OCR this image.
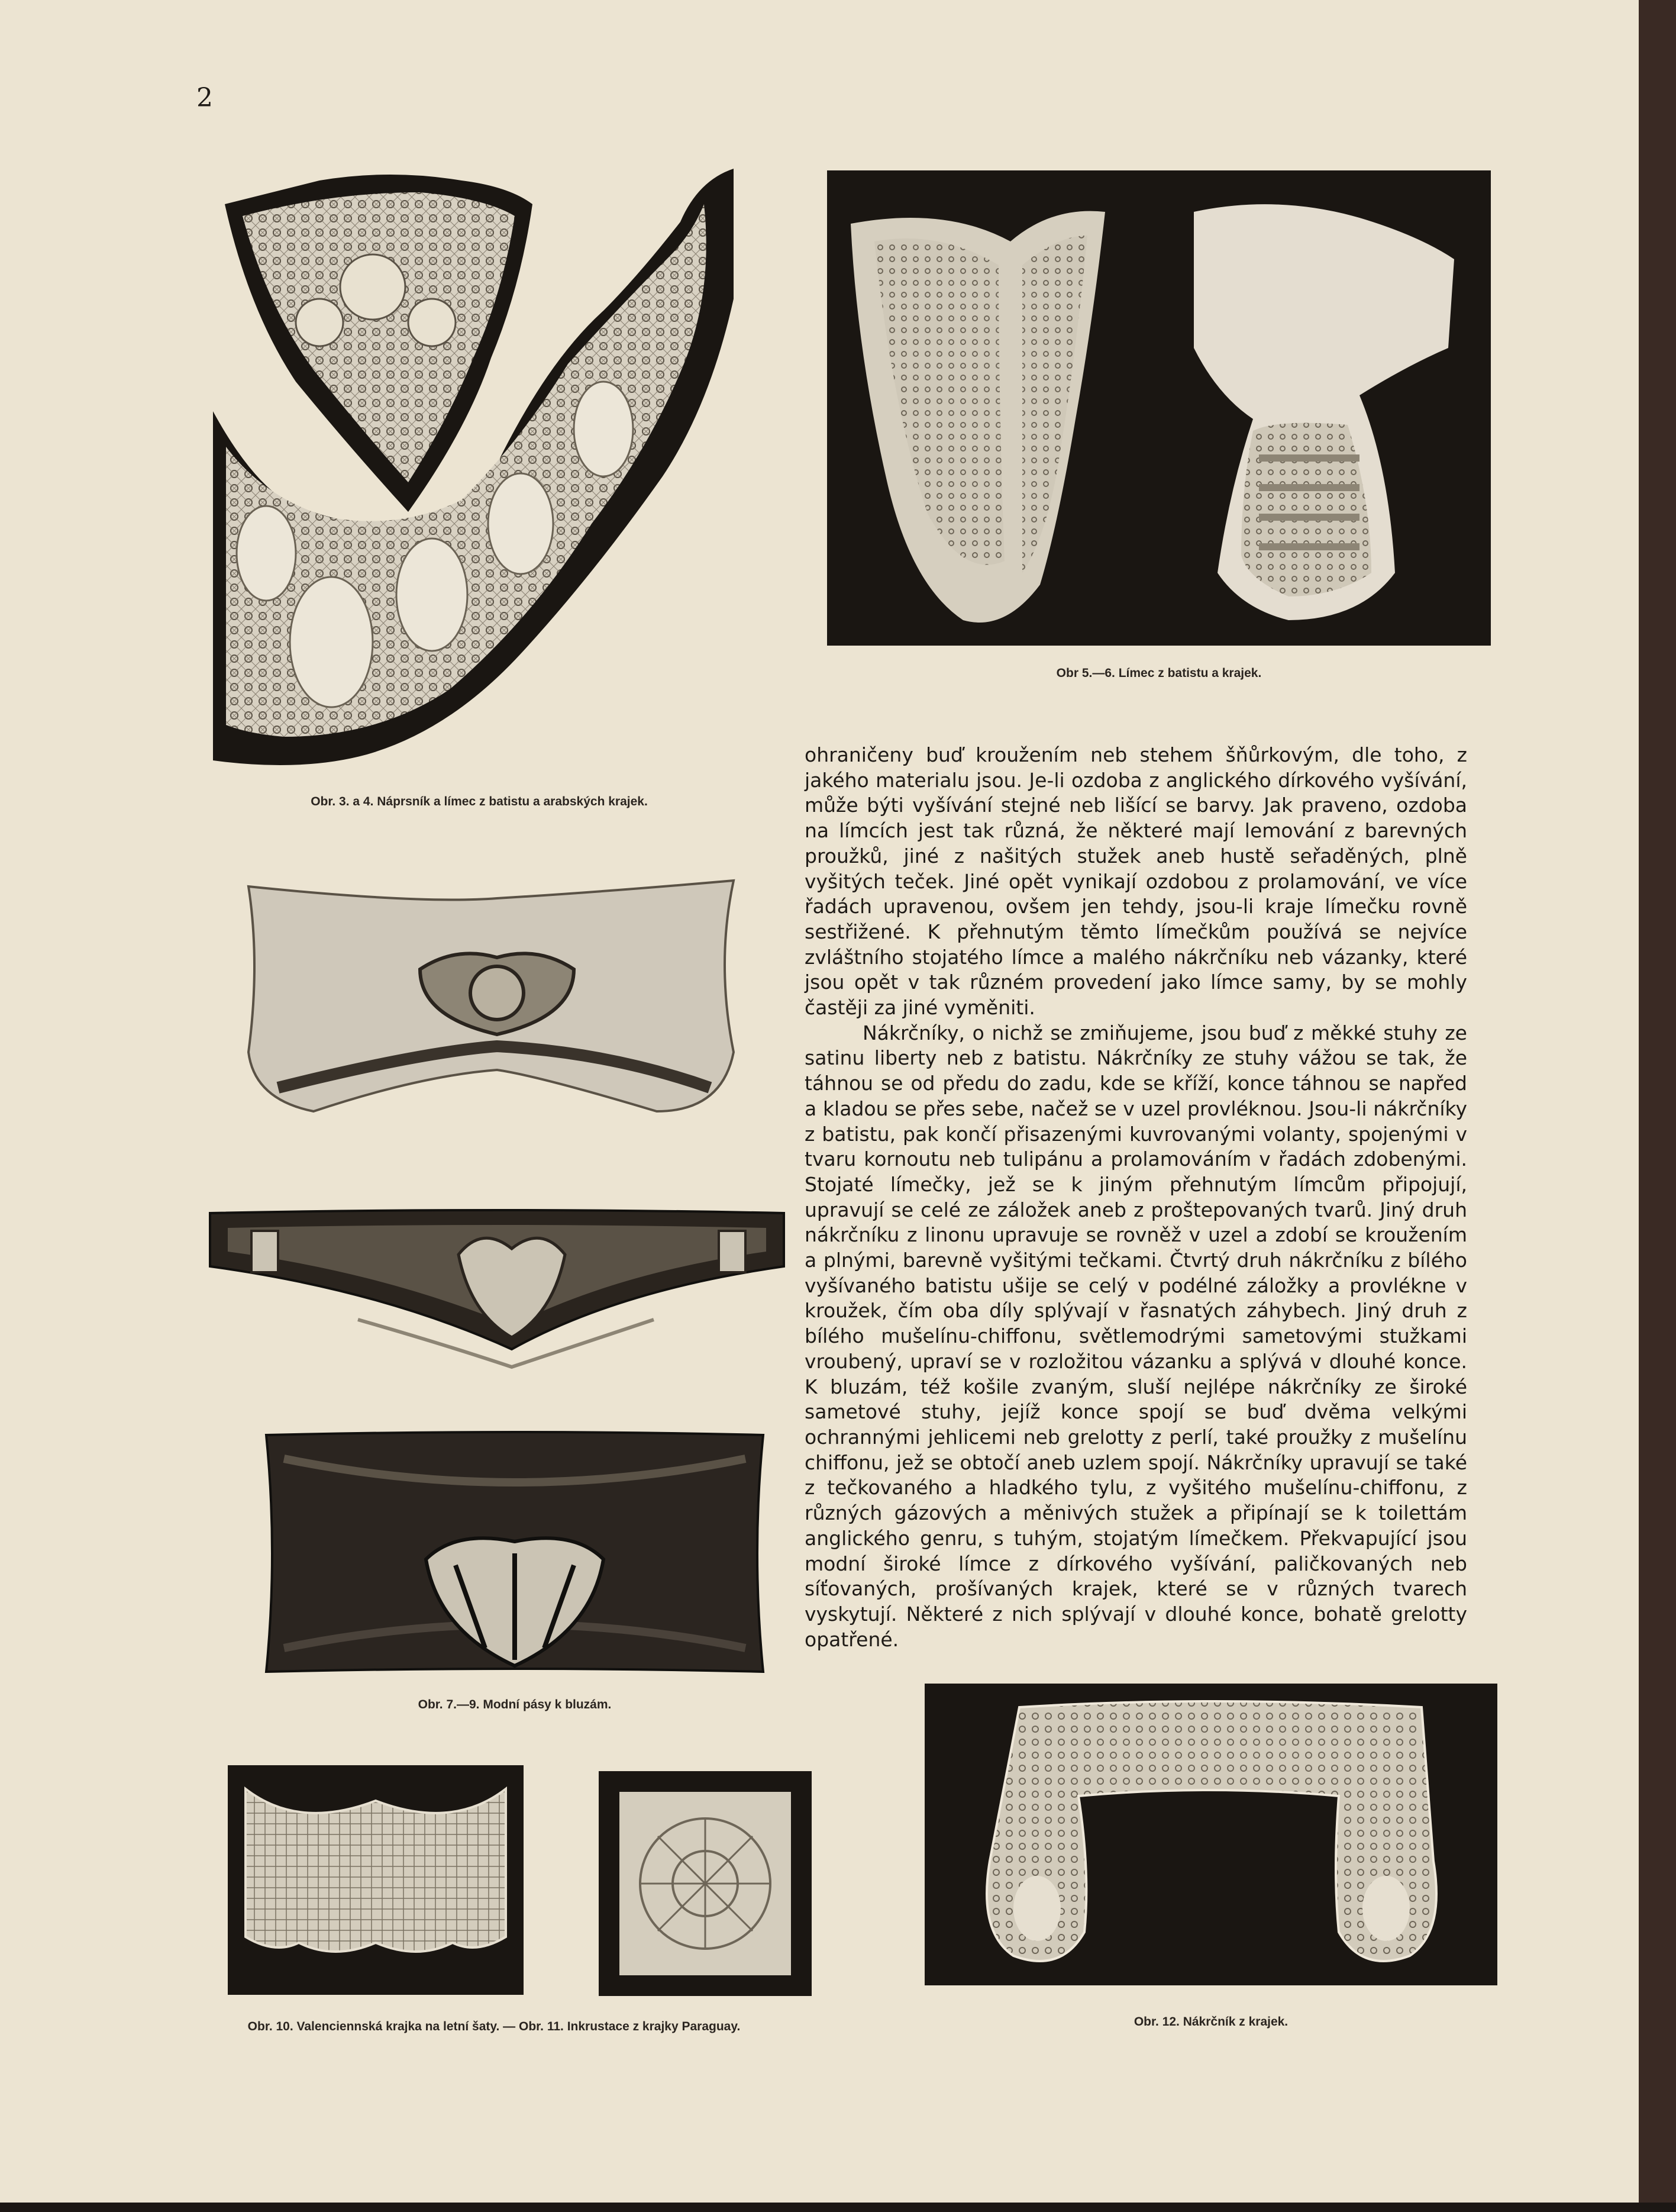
2
Obr. 3. a 4. Náprsník a límec z batistu a arabských krajek.
Obr 5.—6. Límec z batistu a krajek.
Obr. 7.—9. Modní pásy k bluzám.
Obr. 10. Valenciennská krajka na letní šaty. — Obr. 11. Inkrustace z krajky Paraguay.	Obr. 12. Nákrčník z krajek.

ohraničeny buď kroužením neb stehem šňůrkovým, dle toho, z jakého materialu jsou. Je-li ozdoba z anglického dírkového vyšívání, může býti vyšívání stejné neb lišící se barvy. Jak praveno, ozdoba na límcích jest tak různá, že některé mají lemování z barevných proužků, jiné z našitých stužek aneb hustě seřaděných, plně vyšitých teček. Jiné opět vynikají ozdobou z prolamování, ve více řadách upravenou, ovšem jen tehdy, jsou-li kraje límečku rovně sestřižené. K přehnutým těmto límečkům používá se nejvíce zvláštního stojatého límce a malého nákrčníku neb vázanky, které jsou opět v tak různém provedení jako límce samy, by se mohly častěji za jiné vyměniti.

Nákrčníky, o nichž se zmiňujeme, jsou buď z měkké stuhy ze satinu liberty neb z batistu. Nákrčníky ze stuhy vážou se tak, že táhnou se od předu do zadu, kde se kříží, konce táhnou se napřed a kladou se přes sebe, načež se v uzel provléknou. Jsou-li nákrčníky z batistu, pak končí přisazenými kuvrovanými volanty, spojenými v tvaru kornoutu neb tulipánu a prolamováním v řadách zdobenými. Stojaté límečky, jež se k jiným přehnutým límcům připojují, upravují se celé ze záložek aneb z proštepovaných tvarů. Jiný druh nákrčníku z linonu upravuje se rovněž v uzel a zdobí se kroužením a plnými, barevně vyšitými tečkami. Čtvrtý druh nákrčníku z bílého vyšívaného batistu ušije se celý v podélné záložky a provlékne v kroužek, čím oba díly splývají v řasnatých záhybech. Jiný druh z bílého mušelínu-chiffonu, světlemodrými sametovými stužkami vroubený, upraví se v rozložitou vázanku a splývá v dlouhé konce. K bluzám, též košile zvaným, sluší nejlépe nákrčníky ze široké sametové stuhy, jejíž konce spojí se buď dvěma velkými ochrannými jehlicemi neb grelotty z perlí, také proužky z mušelínu chiffonu, jež se obtočí aneb uzlem spojí. Nákrčníky upravují se také z tečkovaného a hladkého tylu, z vyšitého mušelínu-chiffonu, z různých gázových a měnivých stužek a připínají se k toilettám anglického genru, s tuhým, stojatým límečkem. Překvapující jsou modní široké límce z dírkového vyšívání, paličkovaných neb síťovaných, prošívaných krajek, které se v různých tvarech vyskytují. Některé z nich splývají v dlouhé konce, bohatě grelotty opatřené.
